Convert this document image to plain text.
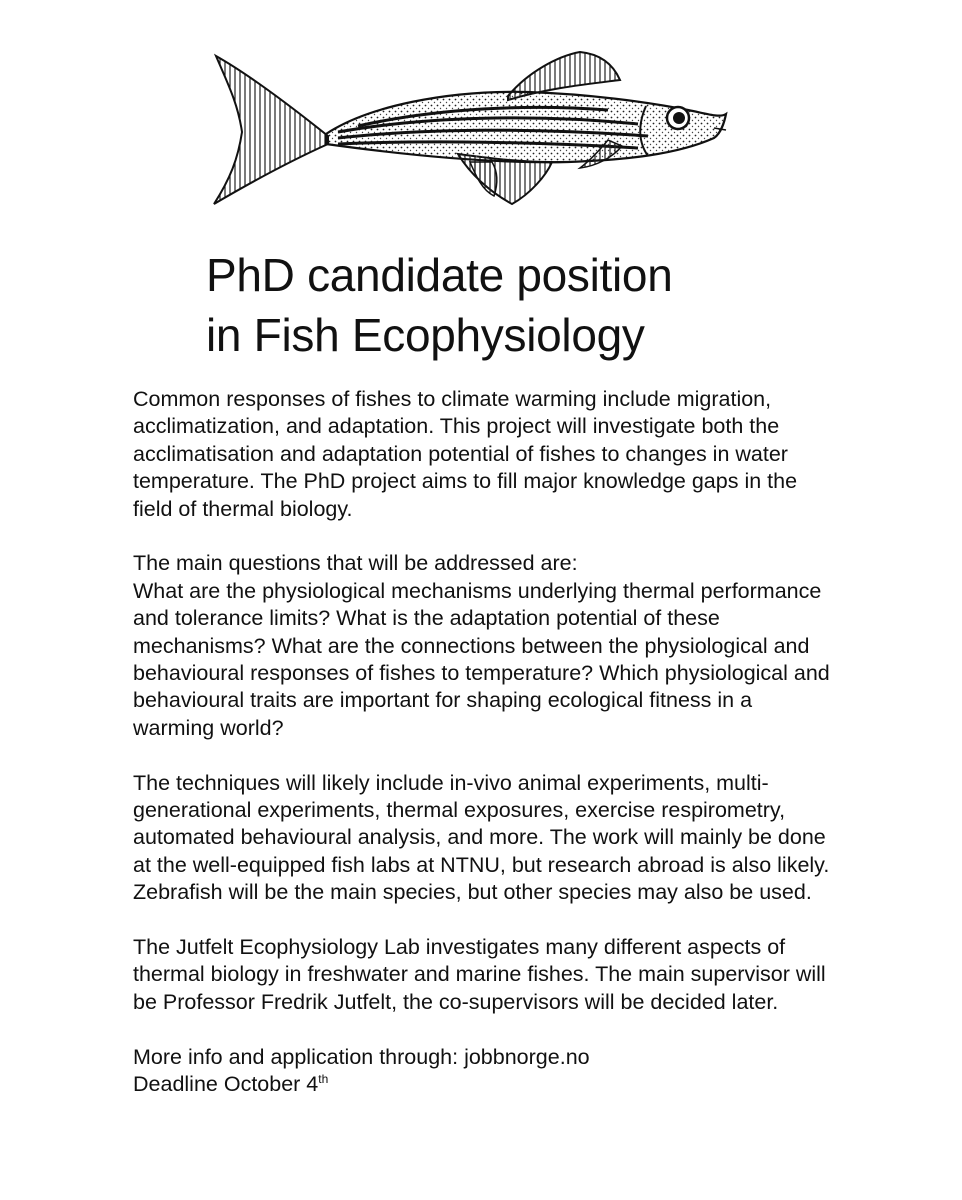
PhD candidate position
in Fish Ecophysiology

Common responses of fishes to climate warming include migration, acclimatization, and adaptation. This project will investigate both the acclimatisation and adaptation potential of fishes to changes in water temperature. The PhD project aims to fill major knowledge gaps in the field of thermal biology.

The main questions that will be addressed are:
What are the physiological mechanisms underlying thermal performance and tolerance limits? What is the adaptation potential of these mechanisms? What are the connections between the physiological and behavioural responses of fishes to temperature? Which physiological and behavioural traits are important for shaping ecological fitness in a warming world?

The techniques will likely include in-vivo animal experiments, multi-generational experiments, thermal exposures, exercise respirometry, automated behavioural analysis, and more. The work will mainly be done at the well-equipped fish labs at NTNU, but research abroad is also likely. Zebrafish will be the main species, but other species may also be used.

The Jutfelt Ecophysiology Lab investigates many different aspects of thermal biology in freshwater and marine fishes. The main supervisor will be Professor Fredrik Jutfelt, the co-supervisors will be decided later.

More info and application through: jobbnorge.no
Deadline October 4th
